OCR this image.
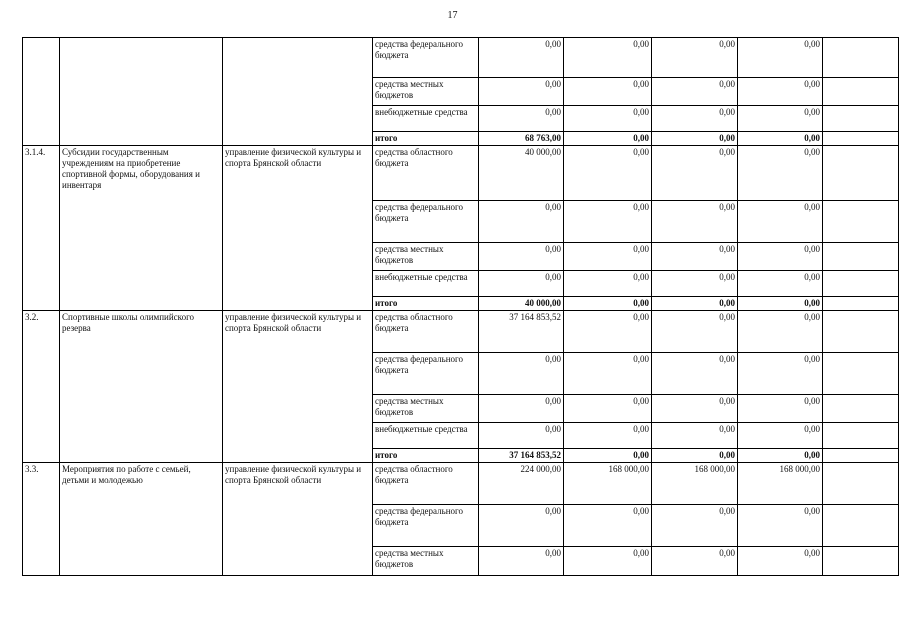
17
			средства федерального бюджета	0,00	0,00	0,00	0,00	
			средства местных бюджетов	0,00	0,00	0,00	0,00	
			внебюджетные средства	0,00	0,00	0,00	0,00	
			итого	68 763,00	0,00	0,00	0,00	
3.1.4.	Субсидии государственным учреждениям на приобретение спортивной формы, оборудования и инвентаря	управление физической культуры и спорта Брянской области	средства областного бюджета	40 000,00	0,00	0,00	0,00	
			средства федерального бюджета	0,00	0,00	0,00	0,00	
			средства местных бюджетов	0,00	0,00	0,00	0,00	
			внебюджетные средства	0,00	0,00	0,00	0,00	
			итого	40 000,00	0,00	0,00	0,00	
3.2.	Спортивные школы олимпийского резерва	управление физической культуры и спорта Брянской области	средства областного бюджета	37 164 853,52	0,00	0,00	0,00	
			средства федерального бюджета	0,00	0,00	0,00	0,00	
			средства местных бюджетов	0,00	0,00	0,00	0,00	
			внебюджетные средства	0,00	0,00	0,00	0,00	
			итого	37 164 853,52	0,00	0,00	0,00	
3.3.	Мероприятия по работе с семьей, детьми и молодежью	управление физической культуры и спорта Брянской области	средства областного бюджета	224 000,00	168 000,00	168 000,00	168 000,00	
			средства федерального бюджета	0,00	0,00	0,00	0,00	
			средства местных бюджетов	0,00	0,00	0,00	0,00	
